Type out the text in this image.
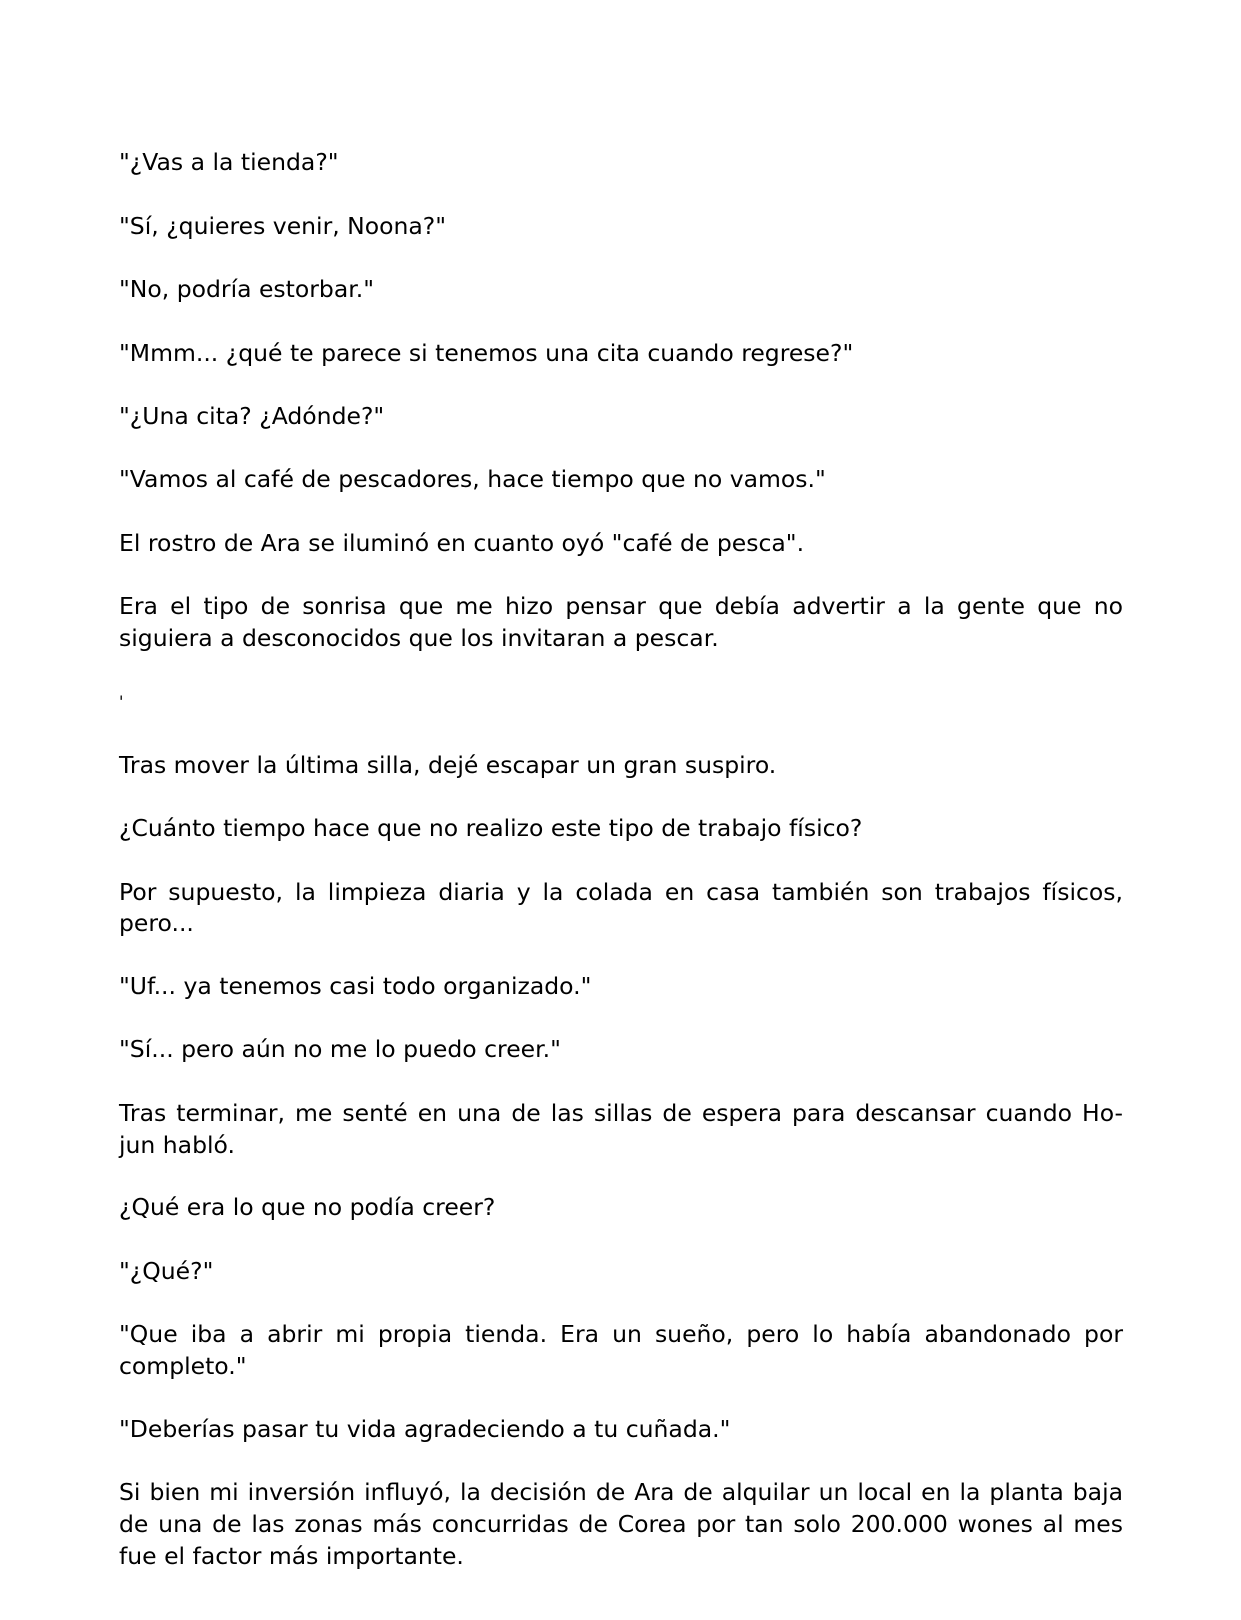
"¿Vas a la tienda?"
"Sí, ¿quieres venir, Noona?"
"No, podría estorbar."
"Mmm... ¿qué te parece si tenemos una cita cuando regrese?"
"¿Una cita? ¿Adónde?"
"Vamos al café de pescadores, hace tiempo que no vamos."
El rostro de Ara se iluminó en cuanto oyó "café de pesca".
Era el tipo de sonrisa que me hizo pensar que debía advertir a la gente que no
siguiera a desconocidos que los invitaran a pescar.
'
Tras mover la última silla, dejé escapar un gran suspiro.
¿Cuánto tiempo hace que no realizo este tipo de trabajo físico?
Por supuesto, la limpieza diaria y la colada en casa también son trabajos físicos,
pero...
"Uf... ya tenemos casi todo organizado."
"Sí... pero aún no me lo puedo creer."
Tras terminar, me senté en una de las sillas de espera para descansar cuando Ho-
jun habló.
¿Qué era lo que no podía creer?
"¿Qué?"
"Que iba a abrir mi propia tienda. Era un sueño, pero lo había abandonado por
completo."
"Deberías pasar tu vida agradeciendo a tu cuñada."
Si bien mi inversión influyó, la decisión de Ara de alquilar un local en la planta baja
de una de las zonas más concurridas de Corea por tan solo 200.000 wones al mes
fue el factor más importante.
